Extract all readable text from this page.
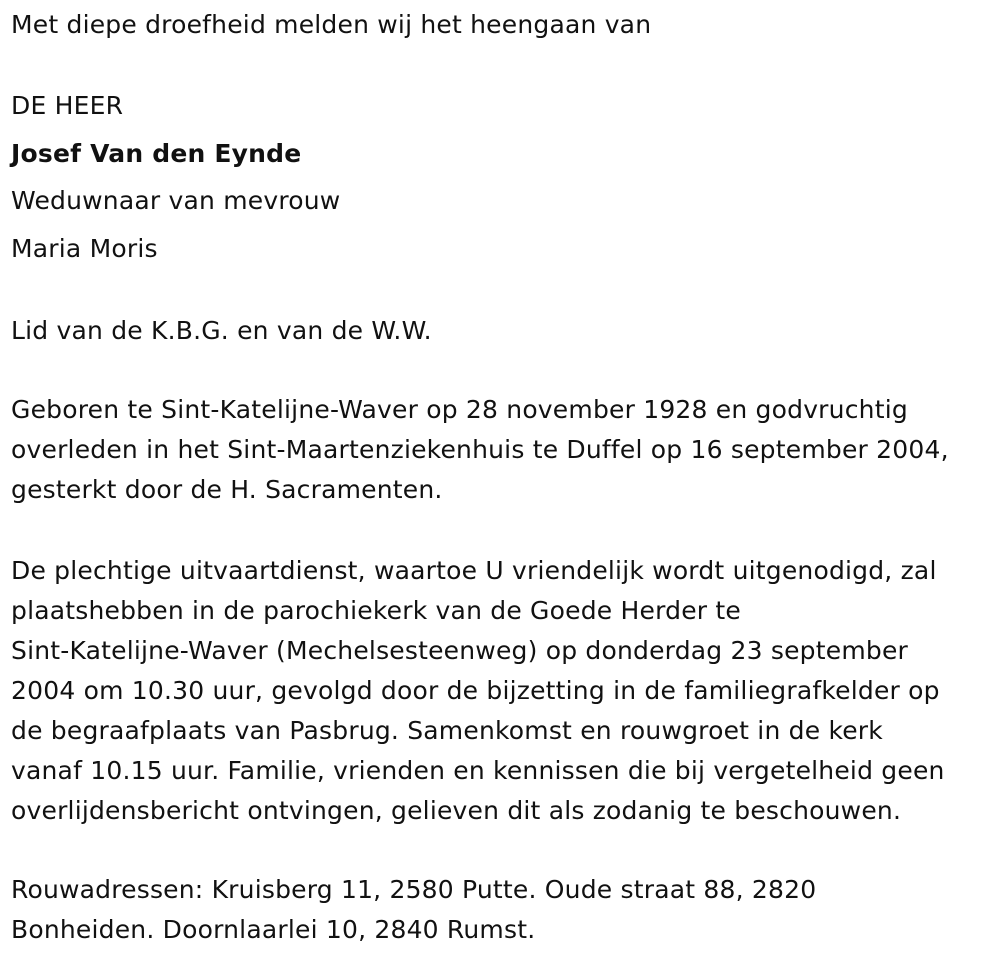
Met diepe droefheid melden wij het heengaan van
DE HEER
Josef Van den Eynde
Weduwnaar van mevrouw
Maria Moris
Lid van de K.B.G. en van de W.W.
Geboren te Sint-Katelijne-Waver op 28 november 1928 en godvruchtig
overleden in het Sint-Maartenziekenhuis te Duffel op 16 september 2004,
gesterkt door de H. Sacramenten.
De plechtige uitvaartdienst, waartoe U vriendelijk wordt uitgenodigd, zal
plaatshebben in de parochiekerk van de Goede Herder te
Sint-Katelijne-Waver (Mechelsesteenweg) op donderdag 23 september
2004 om 10.30 uur, gevolgd door de bijzetting in de familiegrafkelder op
de begraafplaats van Pasbrug. Samenkomst en rouwgroet in de kerk
vanaf 10.15 uur. Familie, vrienden en kennissen die bij vergetelheid geen
overlijdensbericht ontvingen, gelieven dit als zodanig te beschouwen.
Rouwadressen: Kruisberg 11, 2580 Putte. Oude straat 88, 2820
Bonheiden. Doornlaarlei 10, 2840 Rumst.
